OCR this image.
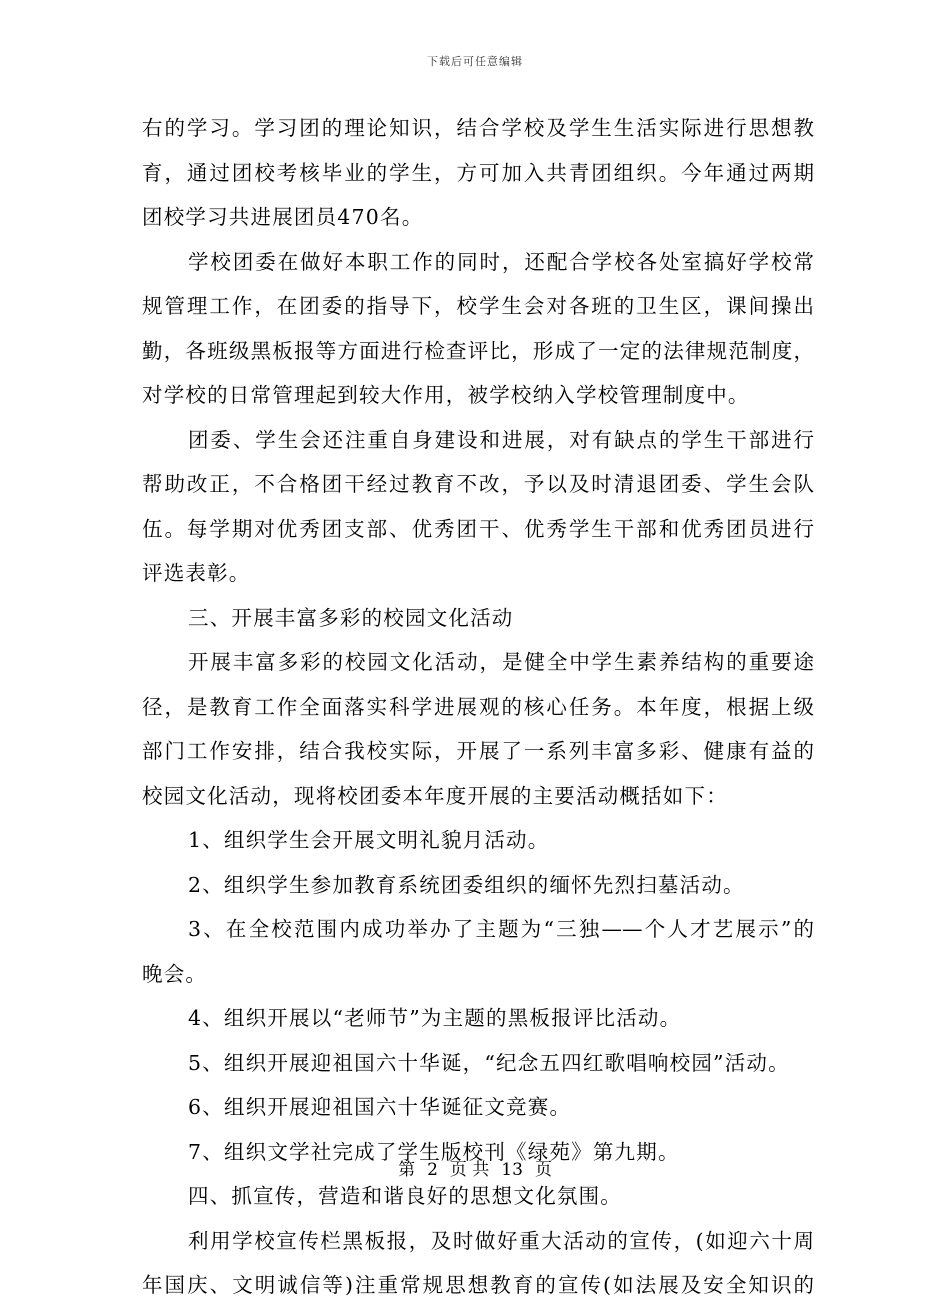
下载后可任意编辑
右的学习。学习团的理论知识，结合学校及学生生活实际进行思想教
育，通过团校考核毕业的学生，方可加入共青团组织。今年通过两期
团校学习共进展团员470名。
学校团委在做好本职工作的同时，还配合学校各处室搞好学校常
规管理工作，在团委的指导下，校学生会对各班的卫生区，课间操出
勤，各班级黑板报等方面进行检查评比，形成了一定的法律规范制度，
对学校的日常管理起到较大作用，被学校纳入学校管理制度中。
团委、学生会还注重自身建设和进展，对有缺点的学生干部进行
帮助改正，不合格团干经过教育不改，予以及时清退团委、学生会队
伍。每学期对优秀团支部、优秀团干、优秀学生干部和优秀团员进行
评选表彰。
三、开展丰富多彩的校园文化活动
开展丰富多彩的校园文化活动，是健全中学生素养结构的重要途
径，是教育工作全面落实科学进展观的核心任务。本年度，根据上级
部门工作安排，结合我校实际，开展了一系列丰富多彩、健康有益的
校园文化活动，现将校团委本年度开展的主要活动概括如下：
1、组织学生会开展文明礼貌月活动。
2、组织学生参加教育系统团委组织的缅怀先烈扫墓活动。
3、在全校范围内成功举办了主题为“三独——个人才艺展示”的
晚会。
4、组织开展以“老师节”为主题的黑板报评比活动。
5、组织开展迎祖国六十华诞，“纪念五四红歌唱响校园”活动。
6、组织开展迎祖国六十华诞征文竞赛。
7、组织文学社完成了学生版校刊《绿苑》第九期。
四、抓宣传，营造和谐良好的思想文化氛围。
利用学校宣传栏黑板报，及时做好重大活动的宣传，(如迎六十周
年国庆、文明诚信等)注重常规思想教育的宣传(如法展及安全知识的
第 2 页 共 13 页
